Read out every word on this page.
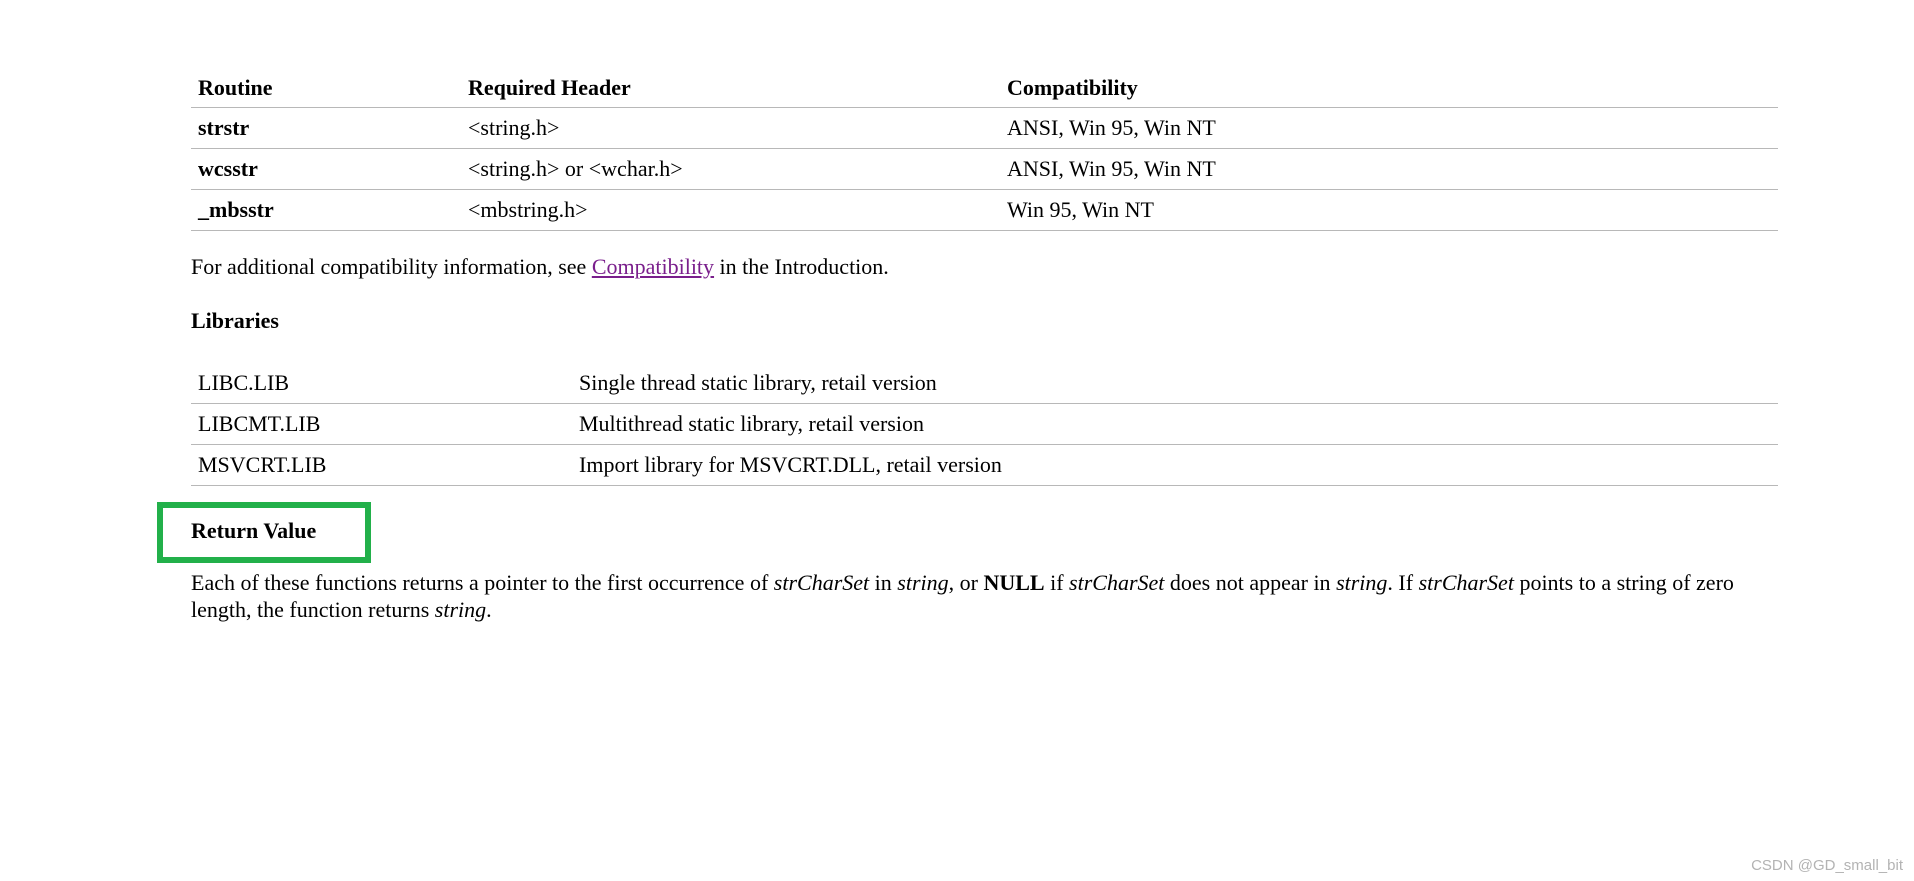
Routine	Required Header	Compatibility
strstr	<string.h>	ANSI, Win 95, Win NT
wcsstr	<string.h> or <wchar.h>	ANSI, Win 95, Win NT
_mbsstr	<mbstring.h>	Win 95, Win NT

For additional compatibility information, see Compatibility in the Introduction.

Libraries
LIBC.LIB	Single thread static library, retail version
LIBCMT.LIB	Multithread static library, retail version
MSVCRT.LIB	Import library for MSVCRT.DLL, retail version
Return Value

Each of these functions returns a pointer to the first occurrence of strCharSet in string, or NULL if strCharSet does not appear in string. If strCharSet points to a string of zero length, the function returns string.

CSDN @GD_small_bit
